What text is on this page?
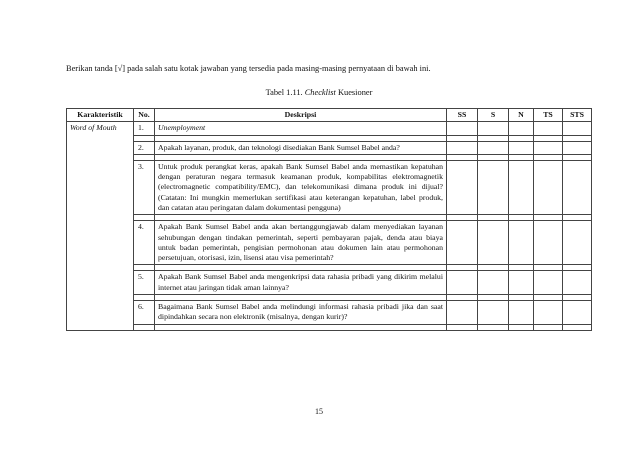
Berikan tanda [√] pada salah satu kotak jawaban yang tersedia pada masing-masing pernyataan di bawah ini.
Tabel 1.11. Checklist Kuesioner
Karakteristik	No.	Deskripsi	SS	S	N	TS	STS
Word of Mouth	1.	Unemployment					

	2.	Apakah layanan, produk, dan teknologi disediakan Bank Sumsel Babel anda?					

	3.	Untuk produk perangkat keras, apakah Bank Sumsel Babel anda memastikan kepatuhan dengan peraturan negara termasuk keamanan produk, kompabilitas elektromagnetik (electromagnetic compatibility/EMC), dan telekomunikasi dimana produk ini dijual? (Catatan: Ini mungkin memerlukan sertifikasi atau keterangan kepatuhan, label produk, dan catatan atau peringatan dalam dokumentasi pengguna)					

	4.	Apakah Bank Sumsel Babel anda akan bertanggungjawab dalam menyediakan layanan sehubungan dengan tindakan pemerintah, seperti pembayaran pajak, denda atau biaya untuk badan pemerintah, pengisian permohonan atau dokumen lain atau permohonan persetujuan, otorisasi, izin, lisensi atau visa pemerintah?					

	5.	Apakah Bank Sumsel Babel anda mengenkripsi data rahasia pribadi yang dikirim melalui internet atau jaringan tidak aman lainnya?					

	6.	Bagaimana Bank Sumsel Babel anda melindungi informasi rahasia pribadi jika dan saat dipindahkan secara non elektronik (misalnya, dengan kurir)?					

15
